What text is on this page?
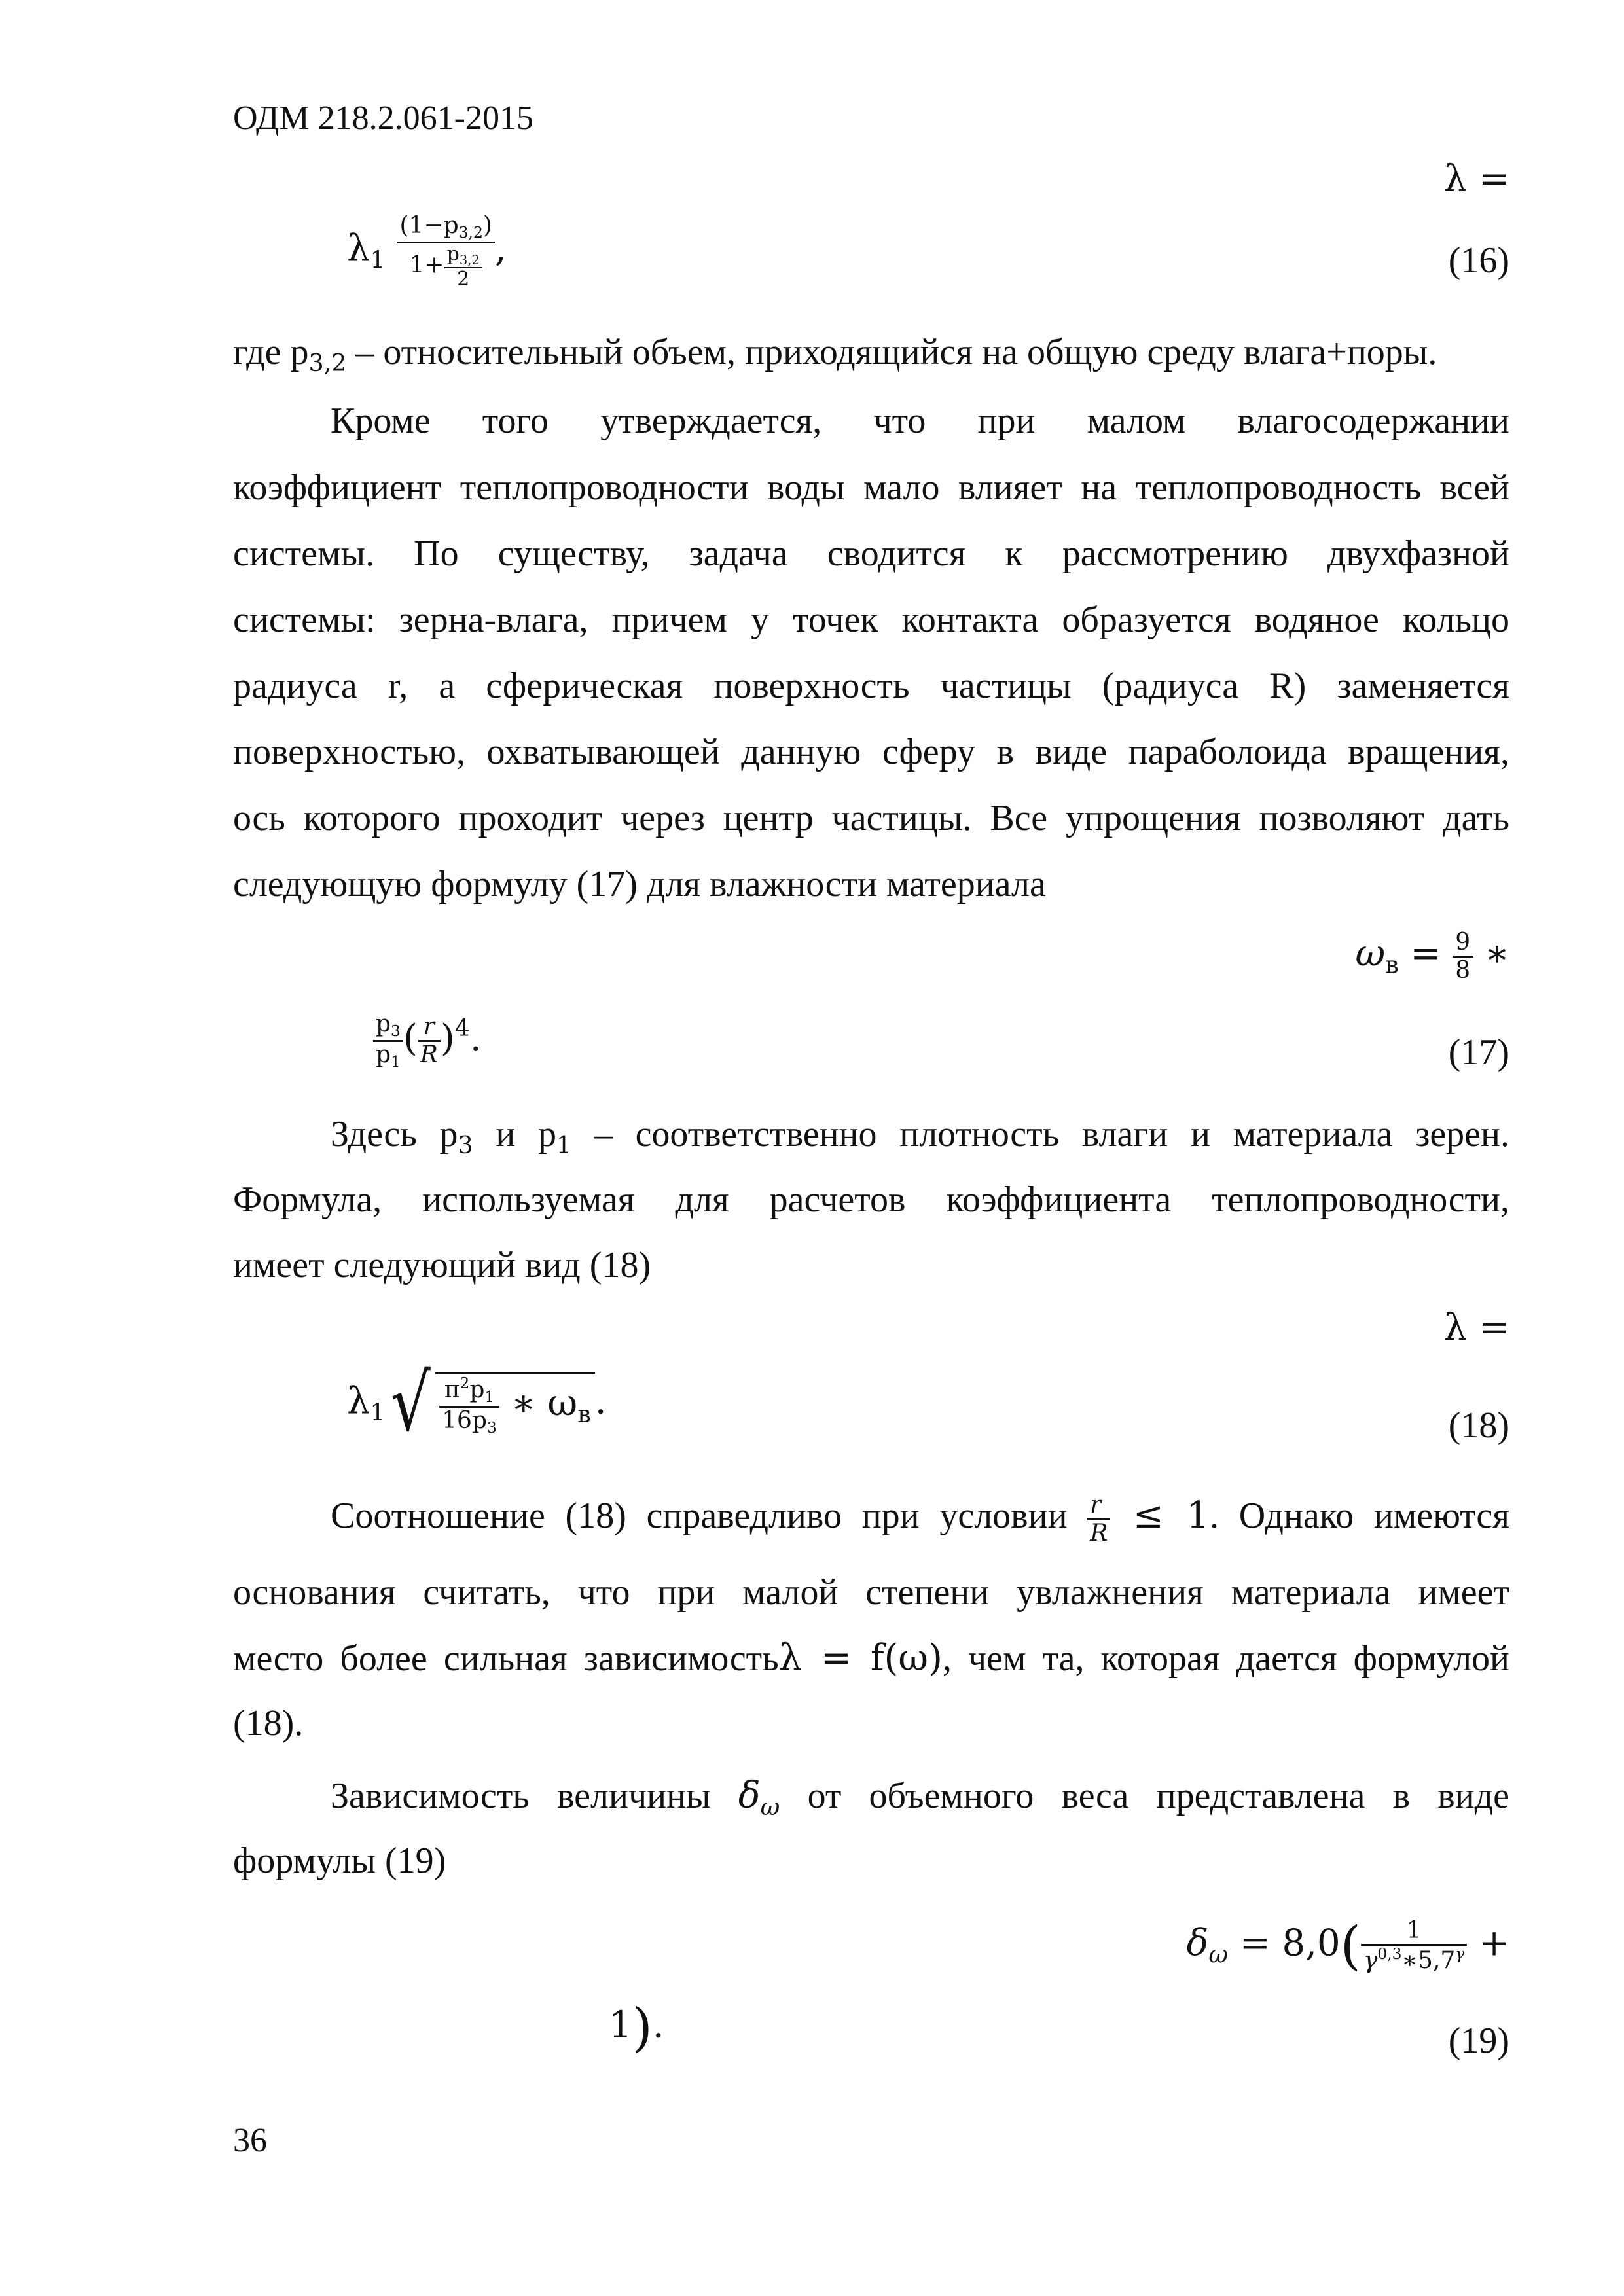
ОДМ 218.2.061-2015
λ =
$\lambda_1 \frac{(1-p_{3,2})}{1+ \frac{p_{3,2}}{2}}$ ,	(16)
где $p_{3,2}$ – относительный объем, приходящийся на общую среду влага+поры.
Кроме того утверждается, что при малом влагосодержании
коэффициент теплопроводности воды мало влияет на теплопроводность всей
системы. По существу, задача сводится к рассмотрению двухфазной
системы: зерна-влага, причем у точек контакта образуется водяное кольцо
радиуса r, а сферическая поверхность частицы (радиуса R) заменяется
поверхностью, охватывающей данную сферу в виде параболоида вращения,
ось которого проходит через центр частицы. Все упрощения позволяют дать
следующую формулу (17) для влажности материала
$\omega_в = \frac{9}{8}$ ∗
$\frac{p_3}{p_1}$ ( $\frac{r}{R} )^4$.	(17)
Здесь $p_3$ и $p_1$ – соответственно плотность влаги и материала зерен.
Формула, используемая для расчетов коэффициента теплопроводности,
имеет следующий вид (18)
λ =
$\lambda_1√ \frac{\pi^2p_1}{16p_3}$ ∗ $\omega_в$ .
(18)
Соотношение (18) справедливо при условии $\frac{r}{R} \le 1$. Однако имеются
основания считать, что при малой степени увлажнения материала имеет
место более сильная зависимостьλ = f(ω), чем та, которая дается формулой
(18).
Зависимость величины $\delta_\omega$ от объемного веса представлена в виде
формулы (19)
$\delta_\omega = 8,0( \frac{1}{\gamma^{0,3}∗5,7^\gamma}$ +
1).	(19)
36
